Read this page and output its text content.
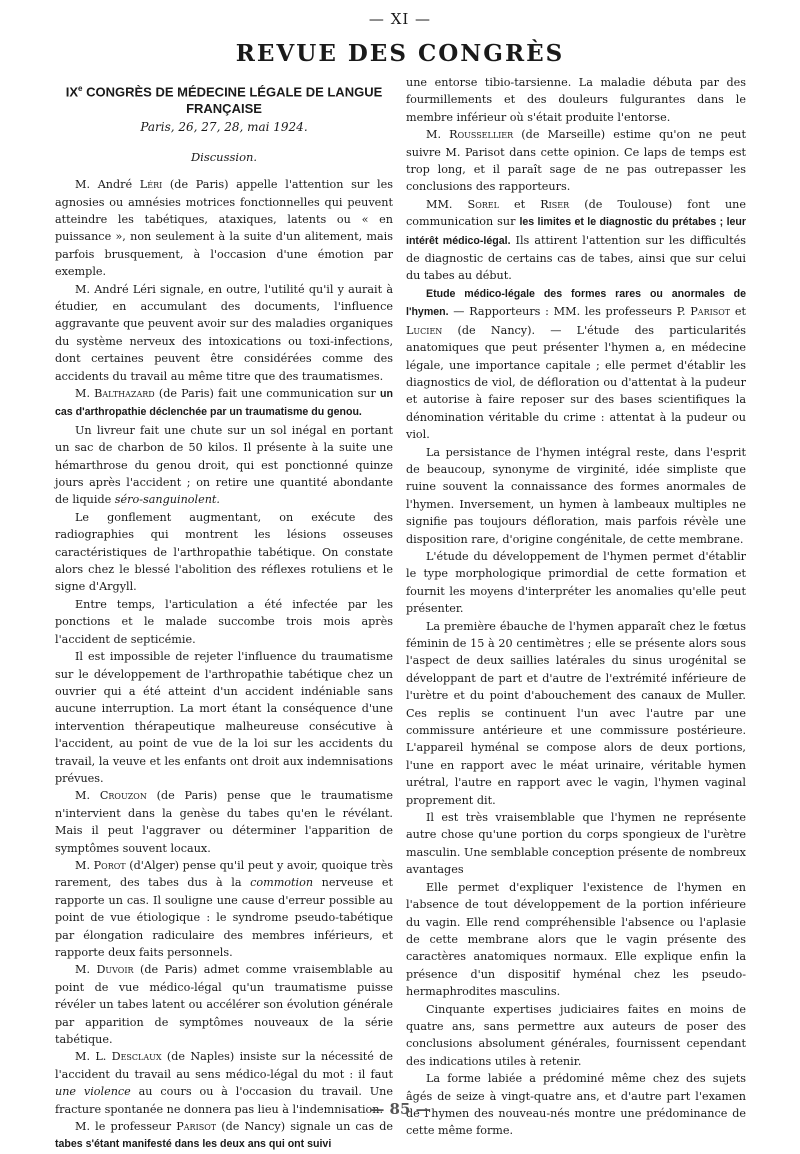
— XI —
REVUE DES CONGRÈS
IXe CONGRÈS DE MÉDECINE LÉGALE DE LANGUE FRANÇAISE
Paris, 26, 27, 28, mai 1924.
Discussion.

M. André Léri (de Paris) appelle l'attention sur les agnosies ou amnésies motrices fonctionnelles qui peuvent atteindre les tabétiques, ataxiques, latents ou « en puissance », non seulement à la suite d'un alitement, mais parfois brusquement, à l'occasion d'une émotion par exemple.

M. André Léri signale, en outre, l'utilité qu'il y aurait à étudier, en accumulant des documents, l'influence aggravante que peuvent avoir sur des maladies organiques du système nerveux des intoxications ou toxi-infections, dont certaines peuvent être considérées comme des accidents du travail au même titre que des traumatismes.

M. Balthazard (de Paris) fait une communication sur un cas d'arthropathie déclenchée par un traumatisme du genou.

Un livreur fait une chute sur un sol inégal en portant un sac de charbon de 50 kilos. Il présente à la suite une hémarthrose du genou droit, qui est ponctionné quinze jours après l'accident ; on retire une quantité abondante de liquide séro-sanguinolent.

Le gonflement augmentant, on exécute des radiographies qui montrent les lésions osseuses caractéristiques de l'arthropathie tabétique. On constate alors chez le blessé l'abolition des réflexes rotuliens et le signe d'Argyll.

Entre temps, l'articulation a été infectée par les ponctions et le malade succombe trois mois après l'accident de septicémie.

Il est impossible de rejeter l'influence du traumatisme sur le développement de l'arthropathie tabétique chez un ouvrier qui a été atteint d'un accident indéniable sans aucune interruption. La mort étant la conséquence d'une intervention thérapeutique malheureuse consécutive à l'accident, au point de vue de la loi sur les accidents du travail, la veuve et les enfants ont droit aux indemnisations prévues.

M. Crouzon (de Paris) pense que le traumatisme n'intervient dans la genèse du tabes qu'en le révélant. Mais il peut l'aggraver ou déterminer l'apparition de symptômes souvent locaux.

M. Porot (d'Alger) pense qu'il peut y avoir, quoique très rarement, des tabes dus à la commotion nerveuse et rapporte un cas. Il souligne une cause d'erreur possible au point de vue étiologique : le syndrome pseudo-tabétique par élongation radiculaire des membres inférieurs, et rapporte deux faits personnels.

M. Duvoir (de Paris) admet comme vraisemblable au point de vue médico-légal qu'un traumatisme puisse révéler un tabes latent ou accélérer son évolution générale par apparition de symptômes nouveaux de la série tabétique.

M. L. Desclaux (de Naples) insiste sur la nécessité de l'accident du travail au sens médico-légal du mot : il faut une violence au cours ou à l'occasion du travail. Une fracture spontanée ne donnera pas lieu à l'indemnisation.

M. le professeur Parisot (de Nancy) signale un cas de tabes s'étant manifesté dans les deux ans qui ont suivi

une entorse tibio-tarsienne. La maladie débuta par des fourmillements et des douleurs fulgurantes dans le membre inférieur où s'était produite l'entorse.

M. Roussellier (de Marseille) estime qu'on ne peut suivre M. Parisot dans cette opinion. Ce laps de temps est trop long, et il paraît sage de ne pas outrepasser les conclusions des rapporteurs.

MM. Sorel et Riser (de Toulouse) font une communication sur les limites et le diagnostic du prétabes ; leur intérêt médico-légal. Ils attirent l'attention sur les difficultés de diagnostic de certains cas de tabes, ainsi que sur celui du tabes au début.

Etude médico-légale des formes rares ou anormales de l'hymen. — Rapporteurs : MM. les professeurs P. Parisot et Lucien (de Nancy). — L'étude des particularités anatomiques que peut présenter l'hymen a, en médecine légale, une importance capitale ; elle permet d'établir les diagnostics de viol, de défloration ou d'attentat à la pudeur et autorise à faire reposer sur des bases scientifiques la dénomination véritable du crime : attentat à la pudeur ou viol.

La persistance de l'hymen intégral reste, dans l'esprit de beaucoup, synonyme de virginité, idée simpliste que ruine souvent la connaissance des formes anormales de l'hymen. Inversement, un hymen à lambeaux multiples ne signifie pas toujours défloration, mais parfois révèle une disposition rare, d'origine congénitale, de cette membrane.

L'étude du développement de l'hymen permet d'établir le type morphologique primordial de cette formation et fournit les moyens d'interpréter les anomalies qu'elle peut présenter.

La première ébauche de l'hymen apparaît chez le fœtus féminin de 15 à 20 centimètres ; elle se présente alors sous l'aspect de deux saillies latérales du sinus urogénital se développant de part et d'autre de l'extrémité inférieure de l'urètre et du point d'abouchement des canaux de Muller. Ces replis se continuent l'un avec l'autre par une commissure antérieure et une commissure postérieure. L'appareil hyménal se compose alors de deux portions, l'une en rapport avec le méat urinaire, véritable hymen urétral, l'autre en rapport avec le vagin, l'hymen vaginal proprement dit.

Il est très vraisemblable que l'hymen ne représente autre chose qu'une portion du corps spongieux de l'urètre masculin. Une semblable conception présente de nombreux avantages

Elle permet d'expliquer l'existence de l'hymen en l'absence de tout développement de la portion inférieure du vagin. Elle rend compréhensible l'absence ou l'aplasie de cette membrane alors que le vagin présente des caractères anatomiques normaux. Elle explique enfin la présence d'un dispositif hyménal chez les pseudo-hermaphrodites masculins.

Cinquante expertises judiciaires faites en moins de quatre ans, sans permettre aux auteurs de poser des conclusions absolument générales, fournissent cependant des indications utiles à retenir.

La forme labiée a prédominé même chez des sujets âgés de seize à vingt-quatre ans, et d'autre part l'examen de l'hymen des nouveau-nés montre une prédominance de cette même forme.

— 85 —
